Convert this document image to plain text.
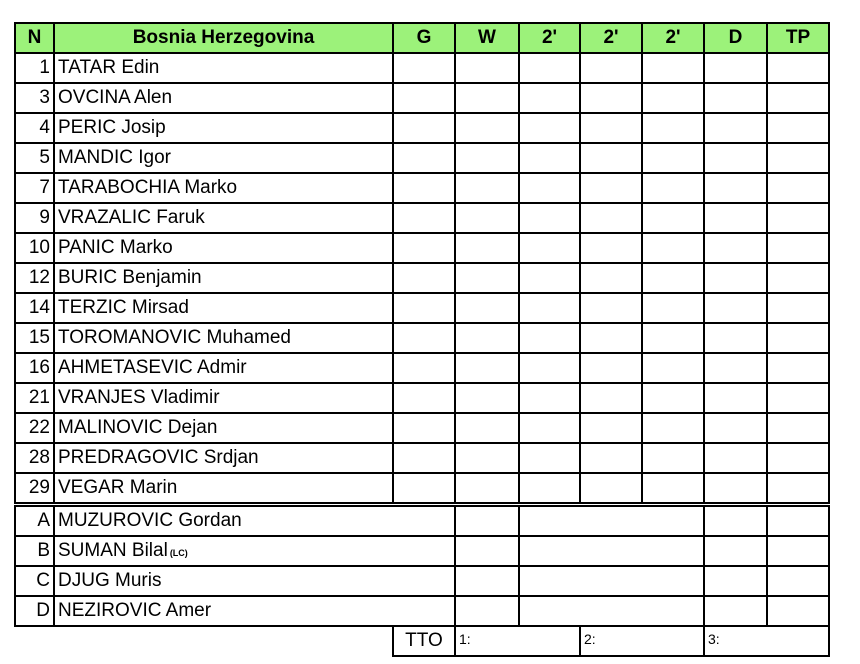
N	Bosnia Herzegovina	G	W	2'	2'	2'	D	TP
1 TATAR Edin
3 OVCINA Alen
4 PERIC Josip
5 MANDIC Igor
7 TARABOCHIA Marko
9 VRAZALIC Faruk
10 PANIC Marko
12 BURIC Benjamin
14 TERZIC Mirsad
15 TOROMANOVIC Muhamed
16 AHMETASEVIC Admir
21 VRANJES Vladimir
22 MALINOVIC Dejan
28 PREDRAGOVIC Srdjan
29 VEGAR Marin
A MUZUROVIC Gordan
B SUMAN Bilal (LC)
C DJUG Muris
D NEZIROVIC Amer
TTO	1:	2:	3:
